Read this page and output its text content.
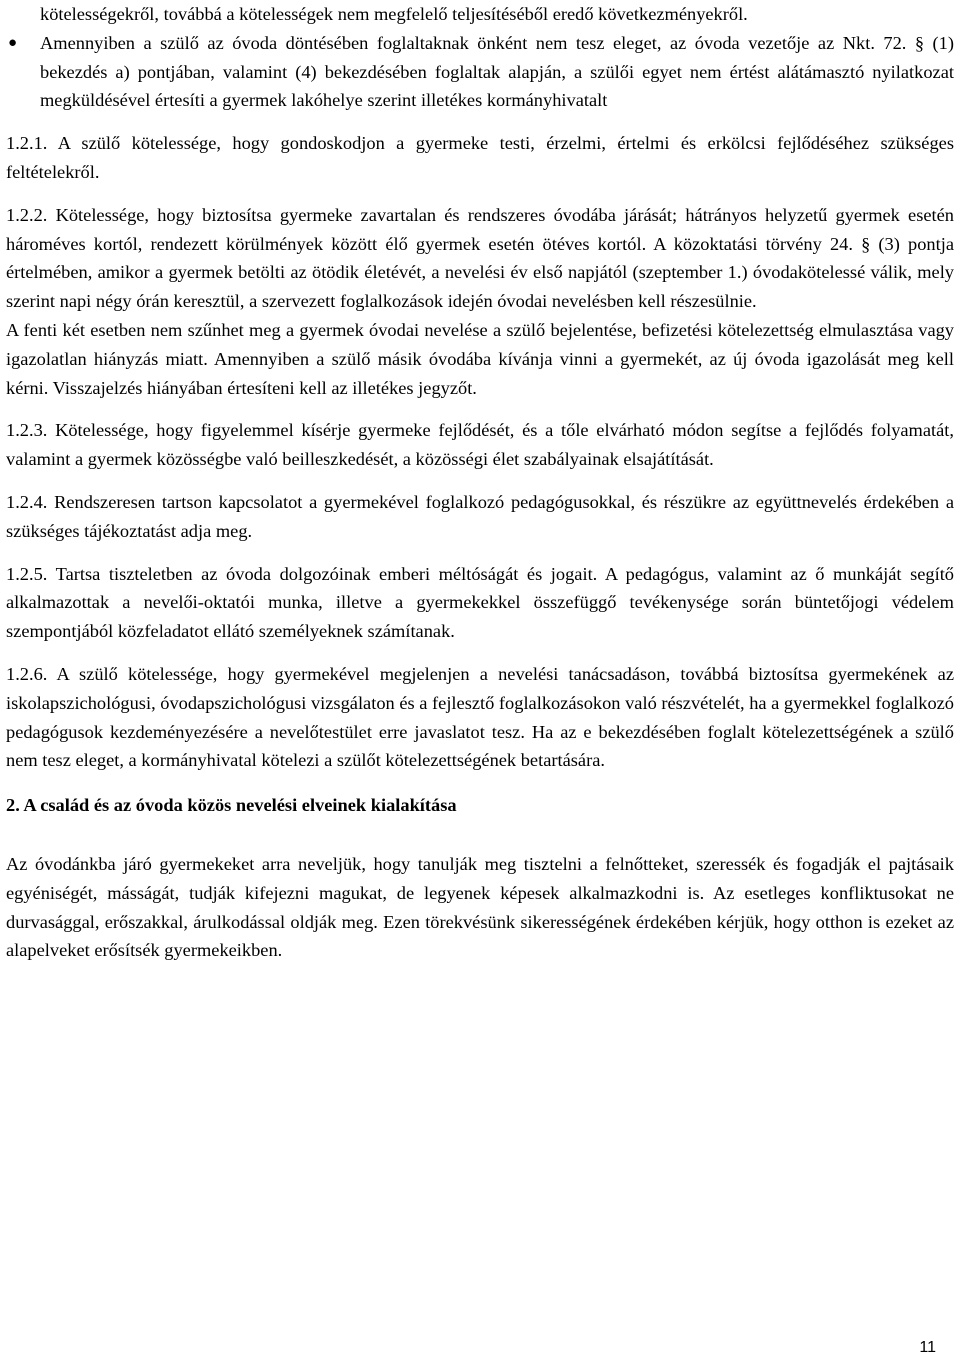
kötelességekről, továbbá a kötelességek nem megfelelő teljesítéséből eredő következményekről.

● Amennyiben a szülő az óvoda döntésében foglaltaknak önként nem tesz eleget, az óvoda vezetője az Nkt. 72. § (1) bekezdés a) pontjában, valamint (4) bekezdésében foglaltak alapján, a szülői egyet nem értést alátámasztó nyilatkozat megküldésével értesíti a gyermek lakóhelye szerint illetékes kormányhivatalt

1.2.1. A szülő kötelessége, hogy gondoskodjon a gyermeke testi, érzelmi, értelmi és erkölcsi fejlődéséhez szükséges feltételekről.

1.2.2. Kötelessége, hogy biztosítsa gyermeke zavartalan és rendszeres óvodába járását; hátrányos helyzetű gyermek esetén hároméves kortól, rendezett körülmények között élő gyermek esetén ötéves kortól. A közoktatási törvény 24. § (3) pontja értelmében, amikor a gyermek betölti az ötödik életévét, a nevelési év első napjától (szeptember 1.) óvodakötelessé válik, mely szerint napi négy órán keresztül, a szervezett foglalkozások idején óvodai nevelésben kell részesülnie.

A fenti két esetben nem szűnhet meg a gyermek óvodai nevelése a szülő bejelentése, befizetési kötelezettség elmulasztása vagy igazolatlan hiányzás miatt. Amennyiben a szülő másik óvodába kívánja vinni a gyermekét, az új óvoda igazolását meg kell kérni. Visszajelzés hiányában értesíteni kell az illetékes jegyzőt.

1.2.3. Kötelessége, hogy figyelemmel kísérje gyermeke fejlődését, és a tőle elvárható módon segítse a fejlődés folyamatát, valamint a gyermek közösségbe való beilleszkedését, a közösségi élet szabályainak elsajátítását.

1.2.4. Rendszeresen tartson kapcsolatot a gyermekével foglalkozó pedagógusokkal, és részükre az együttnevelés érdekében a szükséges tájékoztatást adja meg.

1.2.5. Tartsa tiszteletben az óvoda dolgozóinak emberi méltóságát és jogait. A pedagógus, valamint az ő munkáját segítő alkalmazottak a nevelői-oktatói munka, illetve a gyermekekkel összefüggő tevékenysége során büntetőjogi védelem szempontjából közfeladatot ellátó személyeknek számítanak.

1.2.6. A szülő kötelessége, hogy gyermekével megjelenjen a nevelési tanácsadáson, továbbá biztosítsa gyermekének az iskolapszichológusi, óvodapszichológusi vizsgálaton és a fejlesztő foglalkozásokon való részvételét, ha a gyermekkel foglalkozó pedagógusok kezdeményezésére a nevelőtestület erre javaslatot tesz. Ha az e bekezdésében foglalt kötelezettségének a szülő nem tesz eleget, a kormányhivatal kötelezi a szülőt kötelezettségének betartására.

2. A család és az óvoda közös nevelési elveinek kialakítása

Az óvodánkba járó gyermekeket arra neveljük, hogy tanulják meg tisztelni a felnőtteket, szeressék és fogadják el pajtásaik egyéniségét, másságát, tudják kifejezni magukat, de legyenek képesek alkalmazkodni is. Az esetleges konfliktusokat ne durvasággal, erőszakkal, árulkodással oldják meg. Ezen törekvésünk sikerességének érdekében kérjük, hogy otthon is ezeket az alapelveket erősítsék gyermekeikben.

11
